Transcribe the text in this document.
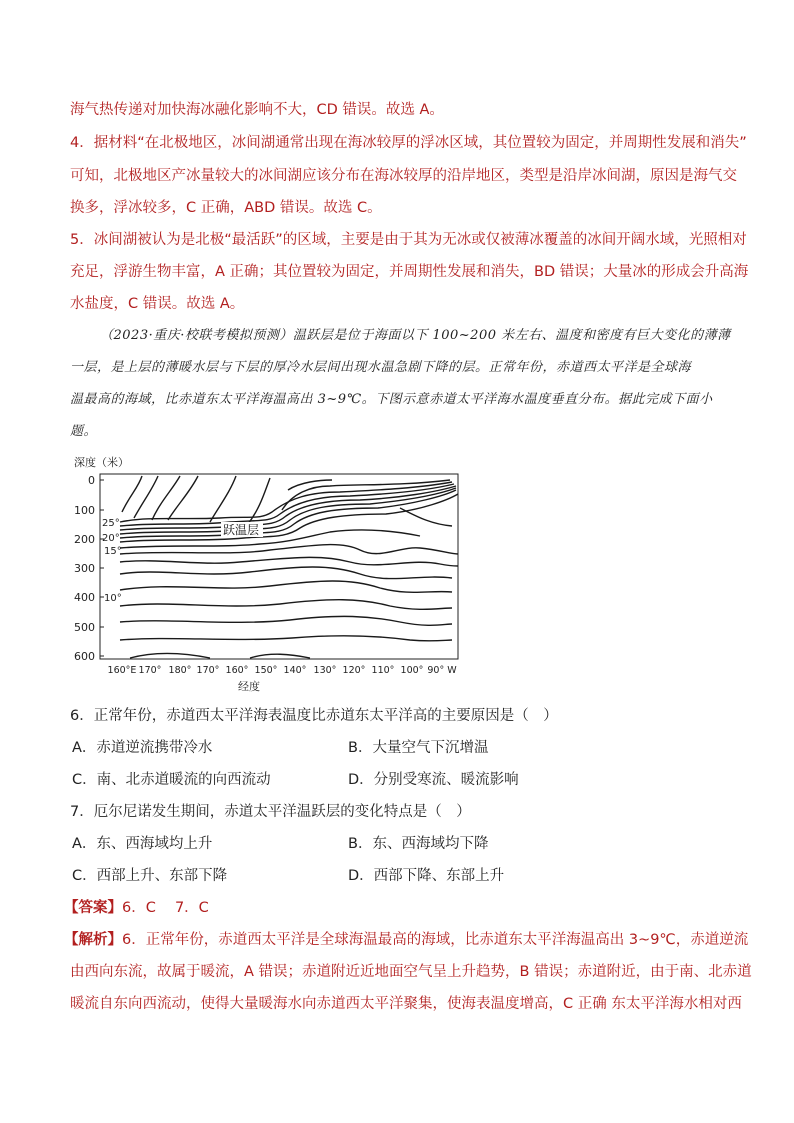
海气热传递对加快海冰融化影响不大，CD 错误。故选 A。
4．据材料“在北极地区，冰间湖通常出现在海冰较厚的浮冰区域，其位置较为固定，并周期性发展和消失”
可知，北极地区产冰量较大的冰间湖应该分布在海冰较厚的沿岸地区，类型是沿岸冰间湖，原因是海气交
换多，浮冰较多，C 正确，ABD 错误。故选 C。
5．冰间湖被认为是北极“最活跃”的区域，主要是由于其为无冰或仅被薄冰覆盖的冰间开阔水域，光照相对
充足，浮游生物丰富，A 正确；其位置较为固定，并周期性发展和消失，BD 错误；大量冰的形成会升高海
水盐度，C 错误。故选 A。
（2023·重庆·校联考模拟预测）温跃层是位于海面以下 100~200 米左右、温度和密度有巨大变化的薄薄
一层，是上层的薄暖水层与下层的厚冷水层间出现水温急剧下降的层。正常年份，赤道西太平洋是全球海
温最高的海域，比赤道东太平洋海温高出 3~9℃。下图示意赤道太平洋海水温度垂直分布。据此完成下面小
题。
深度（米）
0
100
200
300
400
500
600
25°
20°
15°
10°
跃温层
160°E 170° 180° 170° 160° 150° 140° 130° 120° 110° 100° 90° W
经度
6．正常年份，赤道西太平洋海表温度比赤道东太平洋高的主要原因是（　）
A．赤道逆流携带冷水	B．大量空气下沉增温
C．南、北赤道暖流的向西流动	D．分别受寒流、暖流影响
7．厄尔尼诺发生期间，赤道太平洋温跃层的变化特点是（　）
A．东、西海域均上升	B．东、西海域均下降
C．西部上升、东部下降	D．西部下降、东部上升
【答案】6．C　 7．C
【解析】6．正常年份，赤道西太平洋是全球海温最高的海域，比赤道东太平洋海温高出 3~9℃，赤道逆流
由西向东流，故属于暖流，A 错误；赤道附近近地面空气呈上升趋势，B 错误；赤道附近，由于南、北赤道
暖流自东向西流动，使得大量暖海水向赤道西太平洋聚集，使海表温度增高，C 正确 东太平洋海水相对西
